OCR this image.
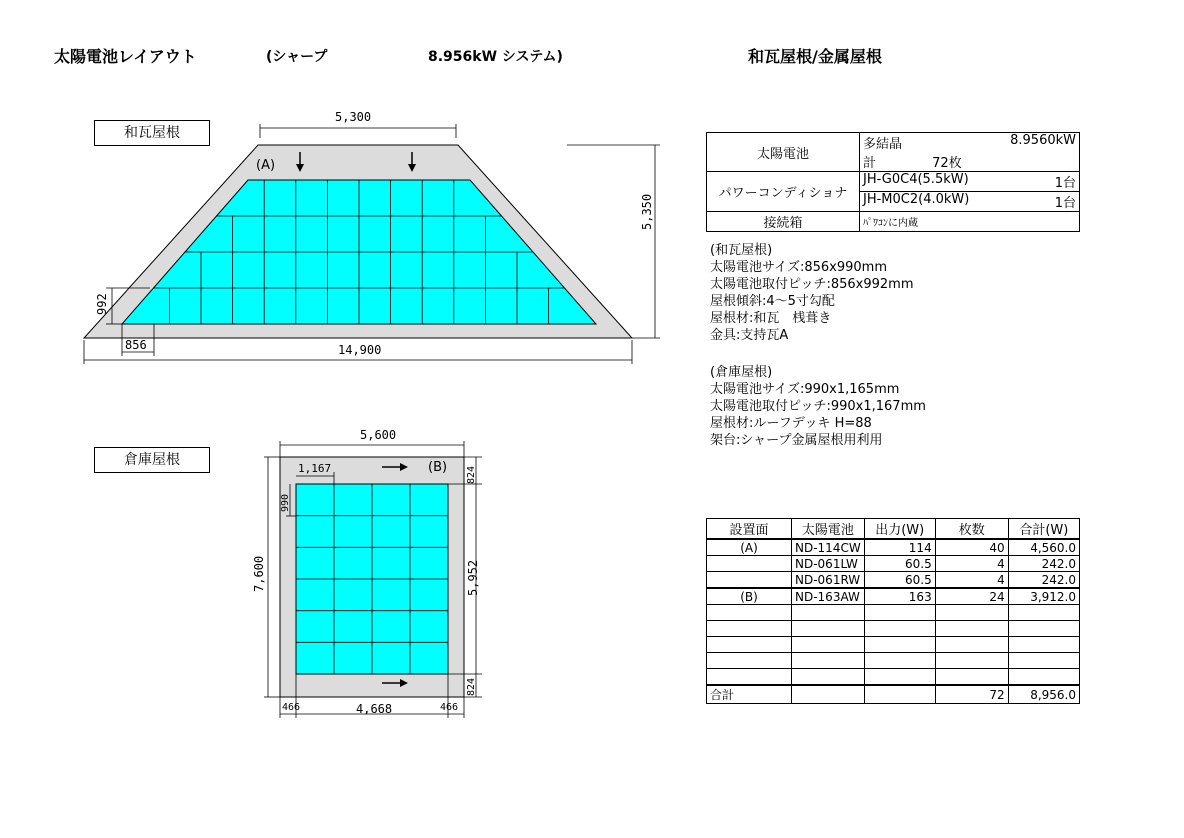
太陽電池レイアウト	(シャープ	8.956kW システム)	和瓦屋根/金属屋根
和瓦屋根
倉庫屋根
5,300
5,350
14,900
856
992
(A)
5,600
7,600
824
5,952
824
466	4,668	466
1,167
990
(B)
太陽電池	多結晶 8.9560kW

	計 72枚
パワーコンディショナ	JH-G0C4(5.5kW) 1台

	JH-M0C2(4.0kW) 1台

接続箱	ﾊﾟﾜｺﾝに内蔵
(和瓦屋根)
太陽電池サイズ:856x990mm
太陽電池取付ピッチ:856x992mm
屋根傾斜:4〜5寸勾配
屋根材:和瓦　桟葺き
金具:支持瓦A
(倉庫屋根)
太陽電池サイズ:990x1,165mm
太陽電池取付ピッチ:990x1,167mm
屋根材:ルーフデッキ H=88
架台:シャープ金属屋根用利用
設置面	太陽電池	出力(W)	枚数	合計(W)
(A)	ND-114CW	114	40	4,560.0
	ND-061LW	60.5	4	242.0
	ND-061RW	60.5	4	242.0
(B)	ND-163AW	163	24	3,912.0

合計			72	8,956.0
